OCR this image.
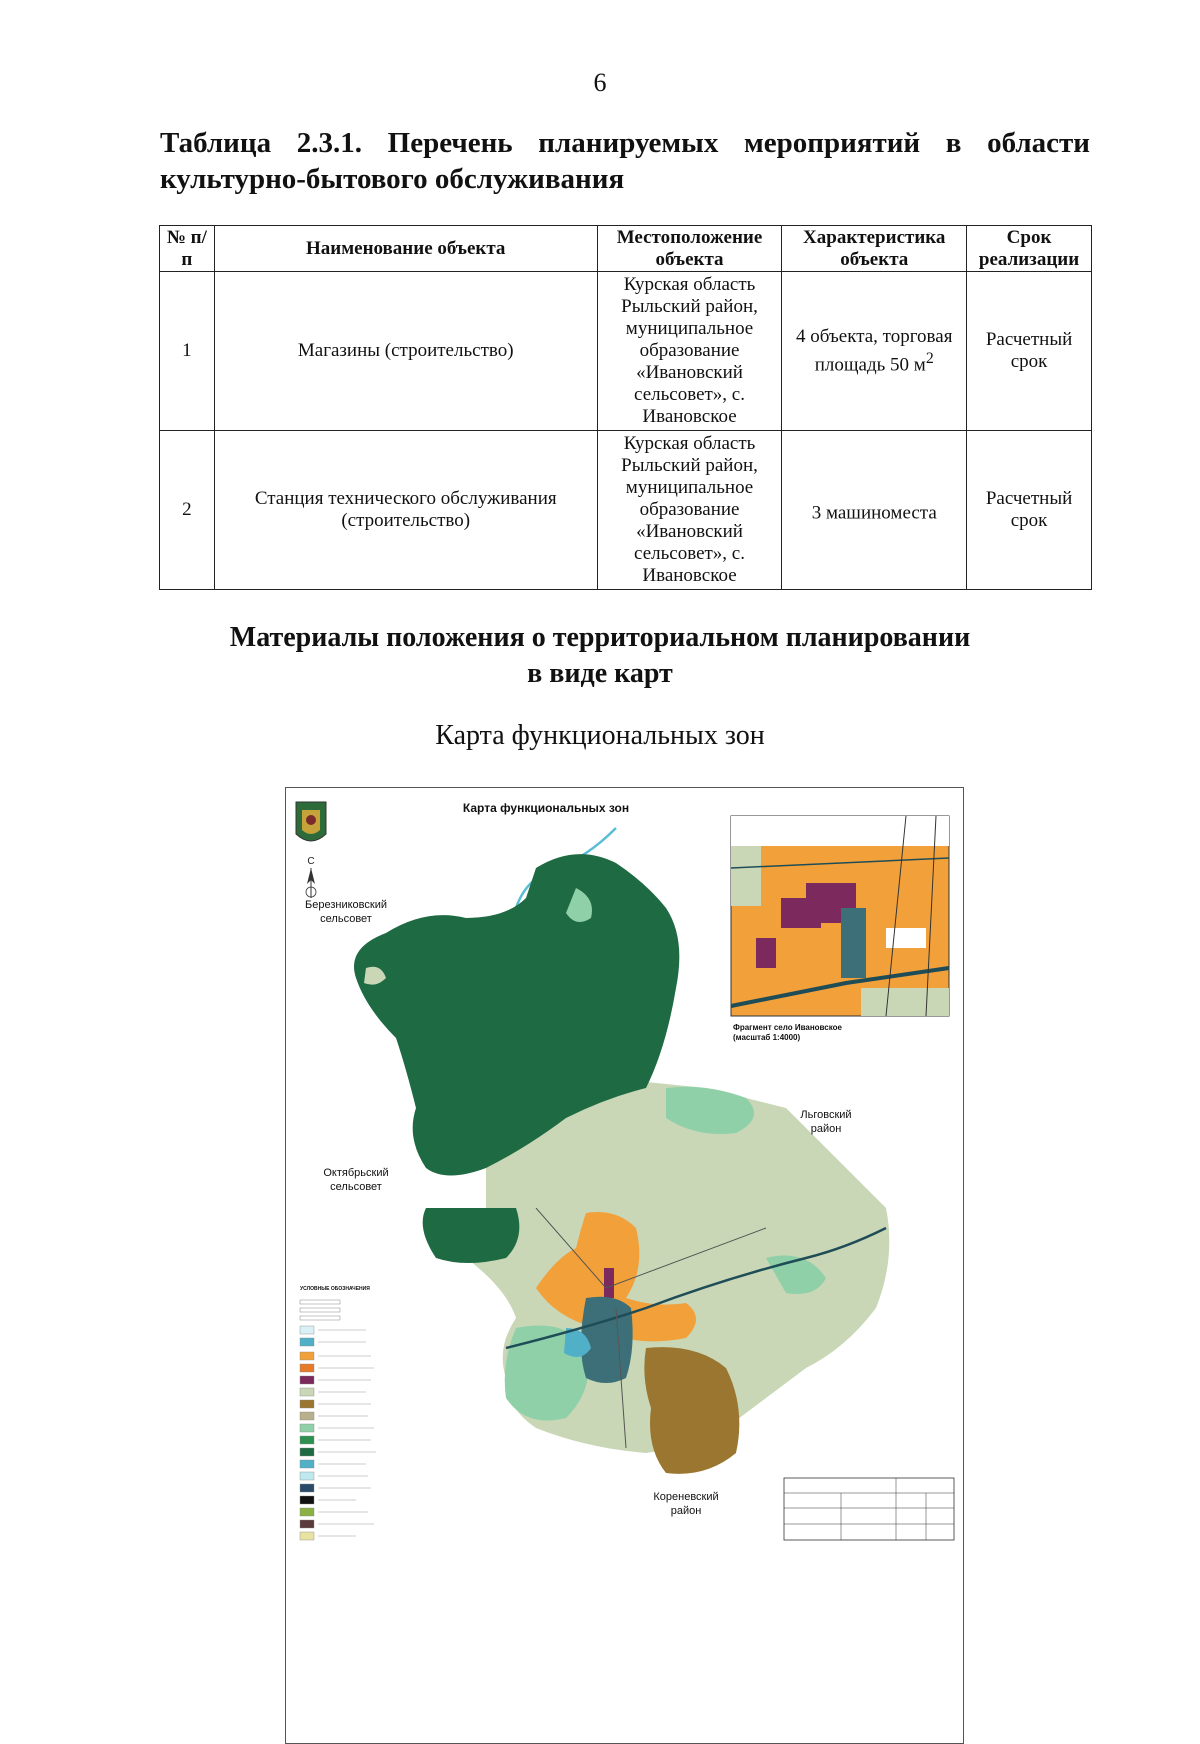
6
Таблица 2.3.1. Перечень планируемых мероприятий в области
культурно-бытового обслуживания
№ п/п	Наименование объекта	Местоположение объекта	Характеристика объекта	Срок реализации
1	Магазины (строительство)	Курская область Рыльский район, муниципальное образование «Ивановский сельсовет», с. Ивановское	4 объекта, торговая площадь 50 $м^2$	Расчетный срок
2	Станция технического обслуживания (строительство)	Курская область Рыльский район, муниципальное образование «Ивановский сельсовет», с. Ивановское	3 машиноместа	Расчетный срок
Материалы положения о территориальном планировании
в виде карт
Карта функциональных зон
С
Карта функциональных зон
Фрагмент село Ивановское
(масштаб 1:4000)
Березниковский
сельсовет
Льговский
район
Октябрьский
сельсовет
Кореневский
район
УСЛОВНЫЕ ОБОЗНАЧЕНИЯ
